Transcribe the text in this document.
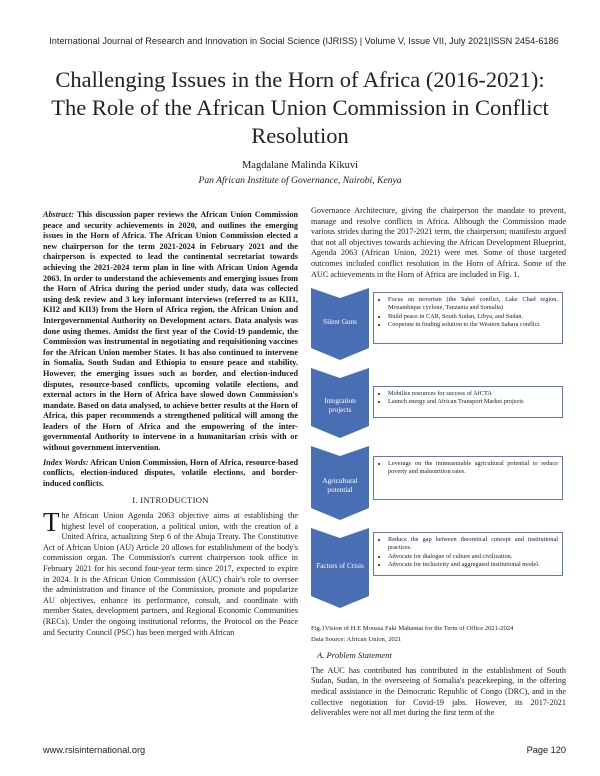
International Journal of Research and Innovation in Social Science (IJRISS) | Volume V, Issue VII, July 2021|ISSN 2454-6186
Challenging Issues in the Horn of Africa (2016-2021): The Role of the African Union Commission in Conflict Resolution
Magdalane Malinda Kikuvi
Pan African Institute of Governance, Nairobi, Kenya

Abstract: This discussion paper reviews the African Union Commission peace and security achievements in 2020, and outlines the emerging issues in the Horn of Africa. The African Union Commission elected a new chairperson for the term 2021-2024 in February 2021 and the chairperson is expected to lead the continental secretariat towards achieving the 2021-2024 term plan in line with African Union Agenda 2063. In order to understand the achievements and emerging issues from the Horn of Africa during the period under study, data was collected using desk review and 3 key informant interviews (referred to as KII1, KII2 and KII3) from the Horn of Africa region, the African Union and Intergovernmental Authority on Development actors. Data analysis was done using themes. Amidst the first year of the Covid-19 pandemic, the Commission was instrumental in negotiating and requisitioning vaccines for the African Union member States. It has also continued to intervene in Somalia, South Sudan and Ethiopia to ensure peace and stability. However, the emerging issues such as border, and election-induced disputes, resource-based conflicts, upcoming volatile elections, and external actors in the Horn of Africa have slowed down Commission's mandate. Based on data analysed, to achieve better results at the Horn of Africa, this paper recommends a strengthened political will among the leaders of the Horn of Africa and the empowering of the inter-governmental Authority to intervene in a humanitarian crisis with or without government intervention.

Index Words: African Union Commission, Horn of Africa, resource-based conflicts, election-induced disputes, volatile elections, and border-induced conflicts.

I. INTRODUCTION

The African Union Agenda 2063 objective aims at establishing the highest level of cooperation, a political union, with the creation of a United Africa, actualizing Step 6 of the Abuja Treaty. The Constitutive Act of African Union (AU) Article 20 allows for establishment of the body's commission organ. The Commission's current chairperson took office in February 2021 for his second four-year term since 2017, expected to expire in 2024. It is the African Union Commission (AUC) chair's role to oversee the administration and finance of the Commission, promote and popularize AU objectives, enhance its performance, consult, and coordinate with member States, development partners, and Regional Economic Communities (RECs). Under the ongoing institutional reforms, the Protocol on the Peace and Security Council (PSC) has been merged with African

Governance Architecture, giving the chairperson the mandate to prevent, manage and resolve conflicts in Africa. Although the Commission made various strides during the 2017-2021 term, the chairperson; manifesto argued that not all objectives towards achieving the African Development Blueprint, Agenda 2063 (African Union, 2021) were met. Some of those targeted outcomes included conflict resolution in the Horn of Africa. Some of the AUC achievements in the Horn of Africa are included in Fig. 1.

Silent Guns
• Focus on terrorism (the Sahel conflict, Lake Chad region, Mozambique cyclone, Tanzania and Somalia)
• Build peace in CAR, South Sudan, Libya, and Sudan.
• Cooperate in finding solution to the Western Sahara conflict.
Integration projects
• Mobilise resources for success of AfCTA
• Launch energy and African Transport Market projects
Agricultural potential
• Leverage on the immeasurable agricultural potential to reduce poverty and malnutrition rates.
Factors of Crisis
• Reduce the gap between theoretical concept and institutional practices.
• Advocate for dialogue of culture and civilization.
• Advocate for inclusivity and aggregated institutional model.
Fig.1Vision of H.E Moussa Faki Mahamat for the Term of Office 2021-2024
Data Source: African Union, 2021
A. Problem Statement

The AUC has contributed has contributed in the establishment of South Sudan, Sudan, in the overseeing of Somalia's peacekeeping, in the offering medical assistance in the Democratic Republic of Congo (DRC), and in the collective negotiation for Covid-19 jabs. However, its 2017-2021 deliverables were not all met during the first term of the

www.rsisinternational.org	Page 120
